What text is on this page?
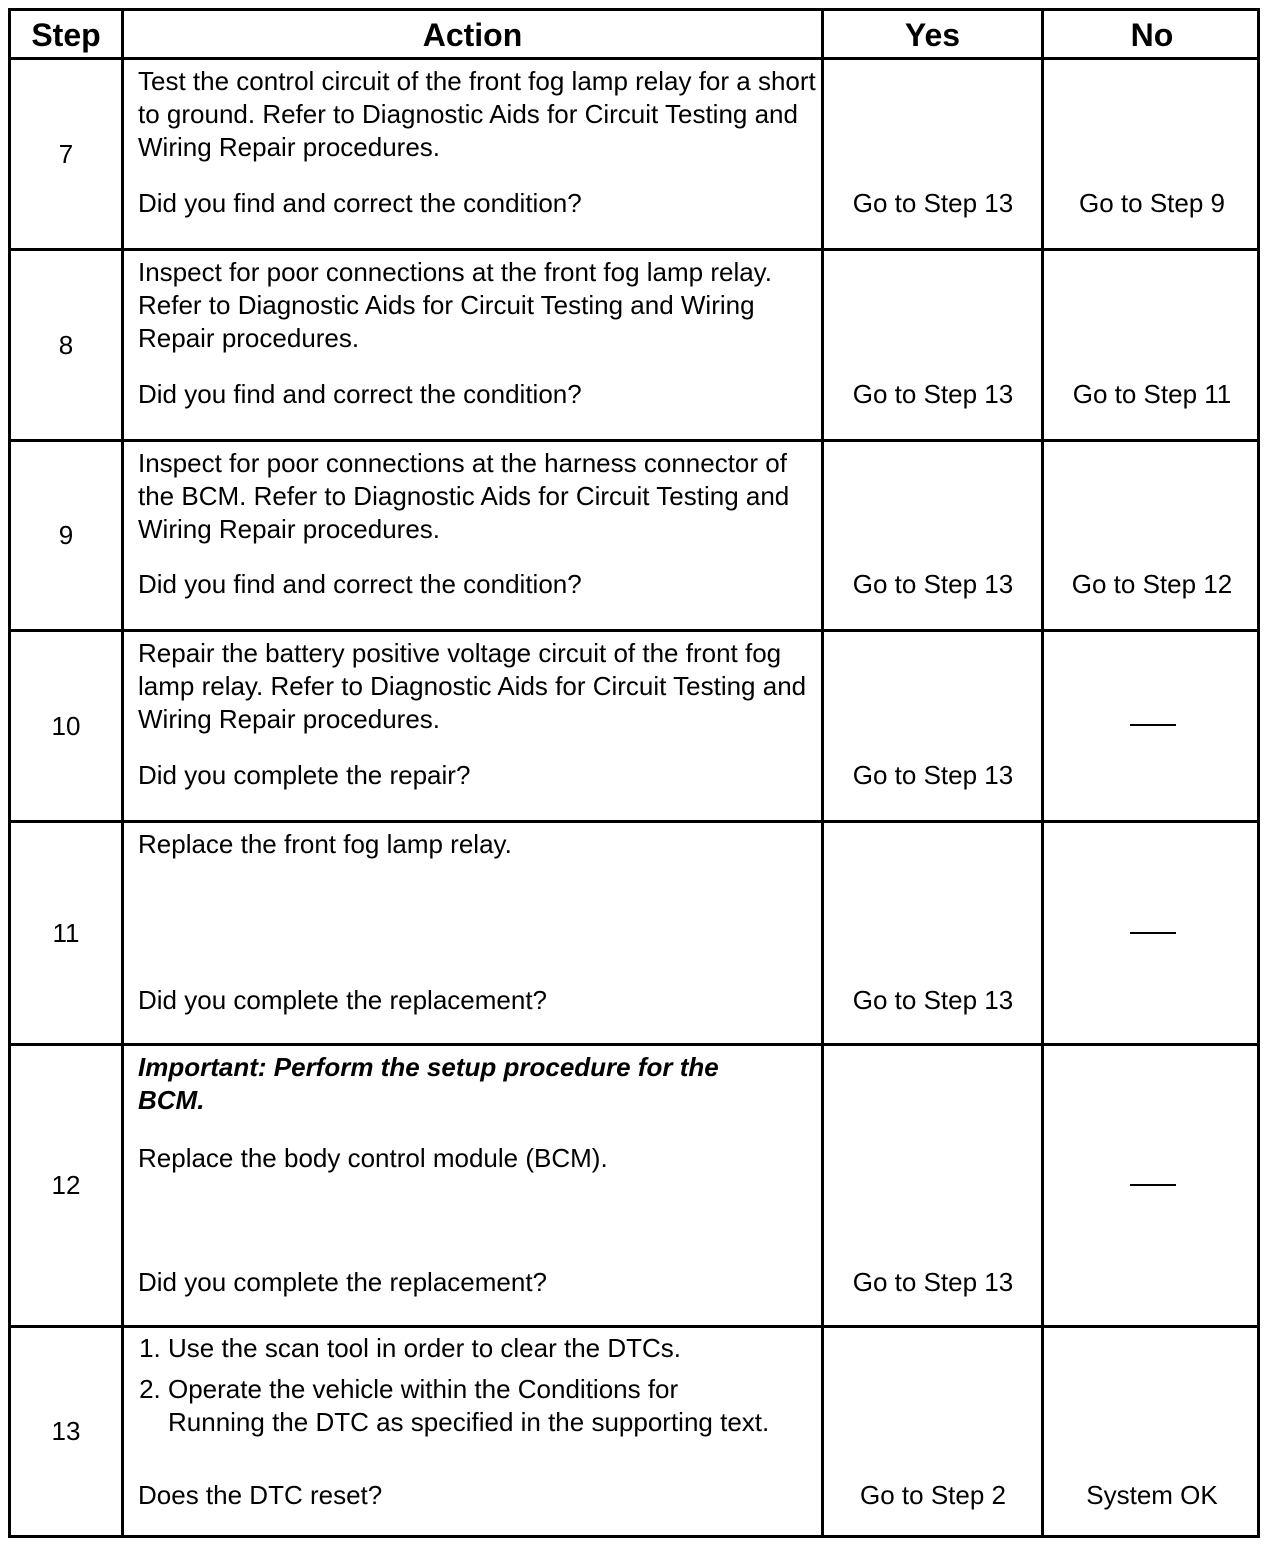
Step	Action	Yes	No
7
Test the control circuit of the front fog lamp relay for a short to ground. Refer to Diagnostic Aids for Circuit Testing and Wiring Repair procedures.
Did you find and correct the condition?	Go to Step 13	Go to Step 9
8
Inspect for poor connections at the front fog lamp relay. Refer to Diagnostic Aids for Circuit Testing and Wiring Repair procedures.
Did you find and correct the condition?	Go to Step 13	Go to Step 11
9
Inspect for poor connections at the harness connector of the BCM. Refer to Diagnostic Aids for Circuit Testing and Wiring Repair procedures.
Did you find and correct the condition?	Go to Step 13	Go to Step 12
10
Repair the battery positive voltage circuit of the front fog lamp relay. Refer to Diagnostic Aids for Circuit Testing and Wiring Repair procedures.
Did you complete the repair?	Go to Step 13
11
Replace the front fog lamp relay.
Did you complete the replacement?	Go to Step 13
12
Important: Perform the setup procedure for the BCM.
Replace the body control module (BCM).
Did you complete the replacement?	Go to Step 13
13
1. Use the scan tool in order to clear the DTCs.
2. Operate the vehicle within the Conditions for Running the DTC as specified in the supporting text.
Does the DTC reset?	Go to Step 2	System OK
